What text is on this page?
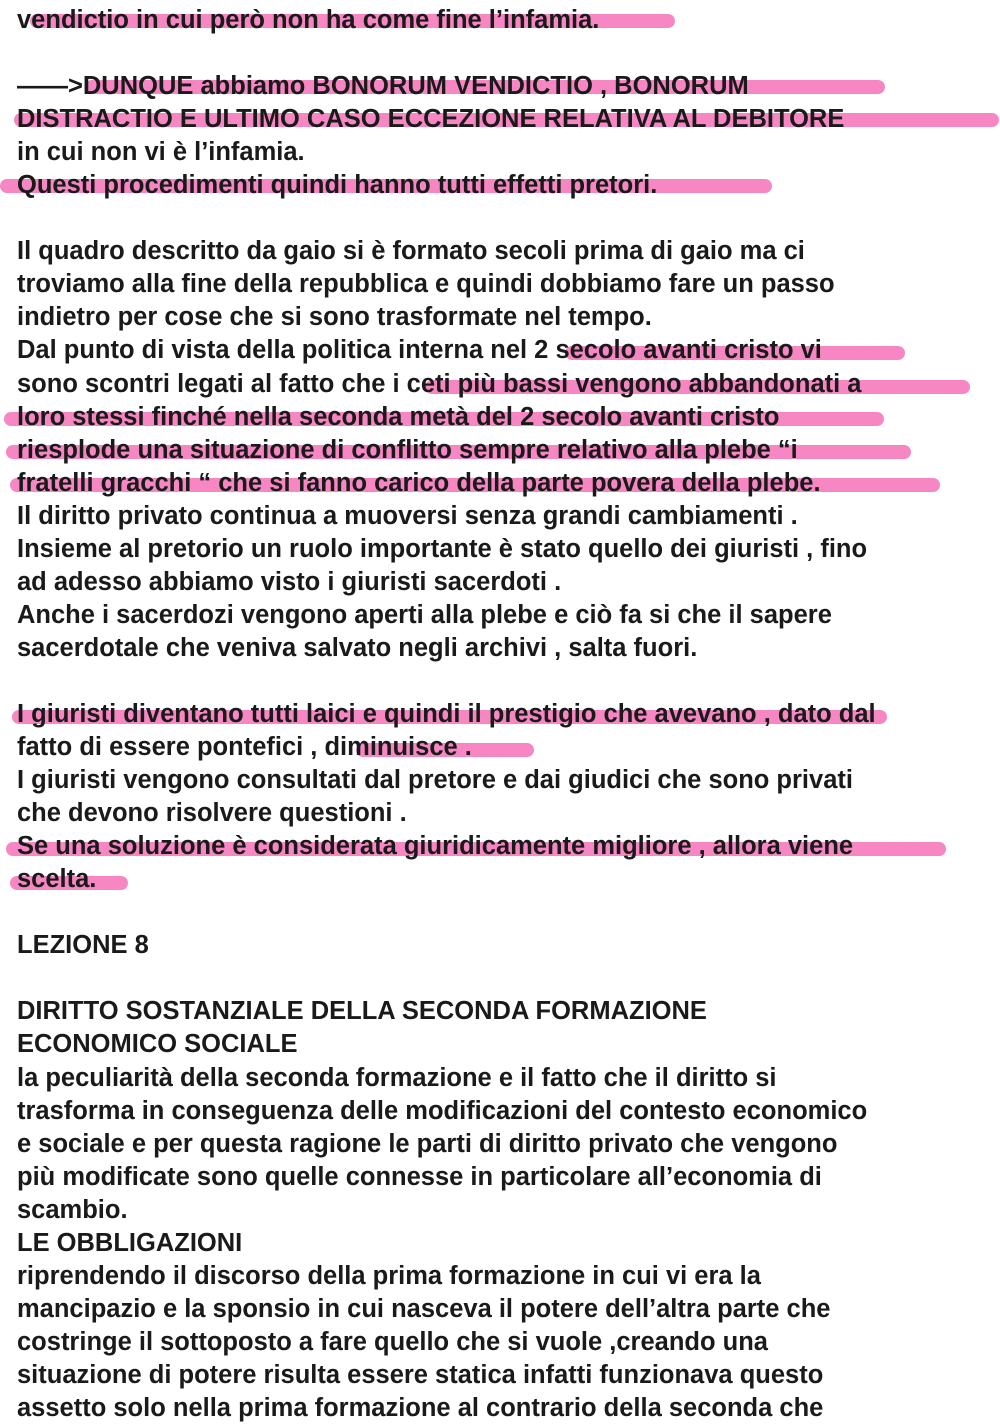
vendictio in cui però non ha come fine l’infamia.
——>DUNQUE abbiamo BONORUM VENDICTIO , BONORUM
DISTRACTIO E ULTIMO CASO ECCEZIONE RELATIVA AL DEBITORE
in cui non vi è l’infamia.
Questi procedimenti quindi hanno tutti effetti pretori.
Il quadro descritto da gaio si è formato secoli prima di gaio ma ci
troviamo alla fine della repubblica e quindi dobbiamo fare un passo
indietro per cose che si sono trasformate nel tempo.
Dal punto di vista della politica interna nel 2 secolo avanti cristo vi
sono scontri legati al fatto che i ceti più bassi vengono abbandonati a
loro stessi finché nella seconda metà del 2 secolo avanti cristo
riesplode una situazione di conflitto sempre relativo alla plebe “i
fratelli gracchi “ che si fanno carico della parte povera della plebe.
Il diritto privato continua a muoversi senza grandi cambiamenti .
Insieme al pretorio un ruolo importante è stato quello dei giuristi , fino
ad adesso abbiamo visto i giuristi sacerdoti .
Anche i sacerdozi vengono aperti alla plebe e ciò fa si che il sapere
sacerdotale che veniva salvato negli archivi , salta fuori.
I giuristi diventano tutti laici e quindi il prestigio che avevano , dato dal
fatto di essere pontefici , diminuisce .
I giuristi vengono consultati dal pretore e dai giudici che sono privati
che devono risolvere questioni .
Se una soluzione è considerata giuridicamente migliore , allora viene
scelta.
LEZIONE 8
DIRITTO SOSTANZIALE DELLA SECONDA FORMAZIONE
ECONOMICO SOCIALE
la peculiarità della seconda formazione e il fatto che il diritto si
trasforma in conseguenza delle modificazioni del contesto economico
e sociale e per questa ragione le parti di diritto privato che vengono
più modificate sono quelle connesse in particolare all’economia di
scambio.
LE OBBLIGAZIONI
riprendendo il discorso della prima formazione in cui vi era la
mancipazio e la sponsio in cui nasceva il potere dell’altra parte che
costringe il sottoposto a fare quello che si vuole ,creando una
situazione di potere risulta essere statica infatti funzionava questo
assetto solo nella prima formazione al contrario della seconda che
